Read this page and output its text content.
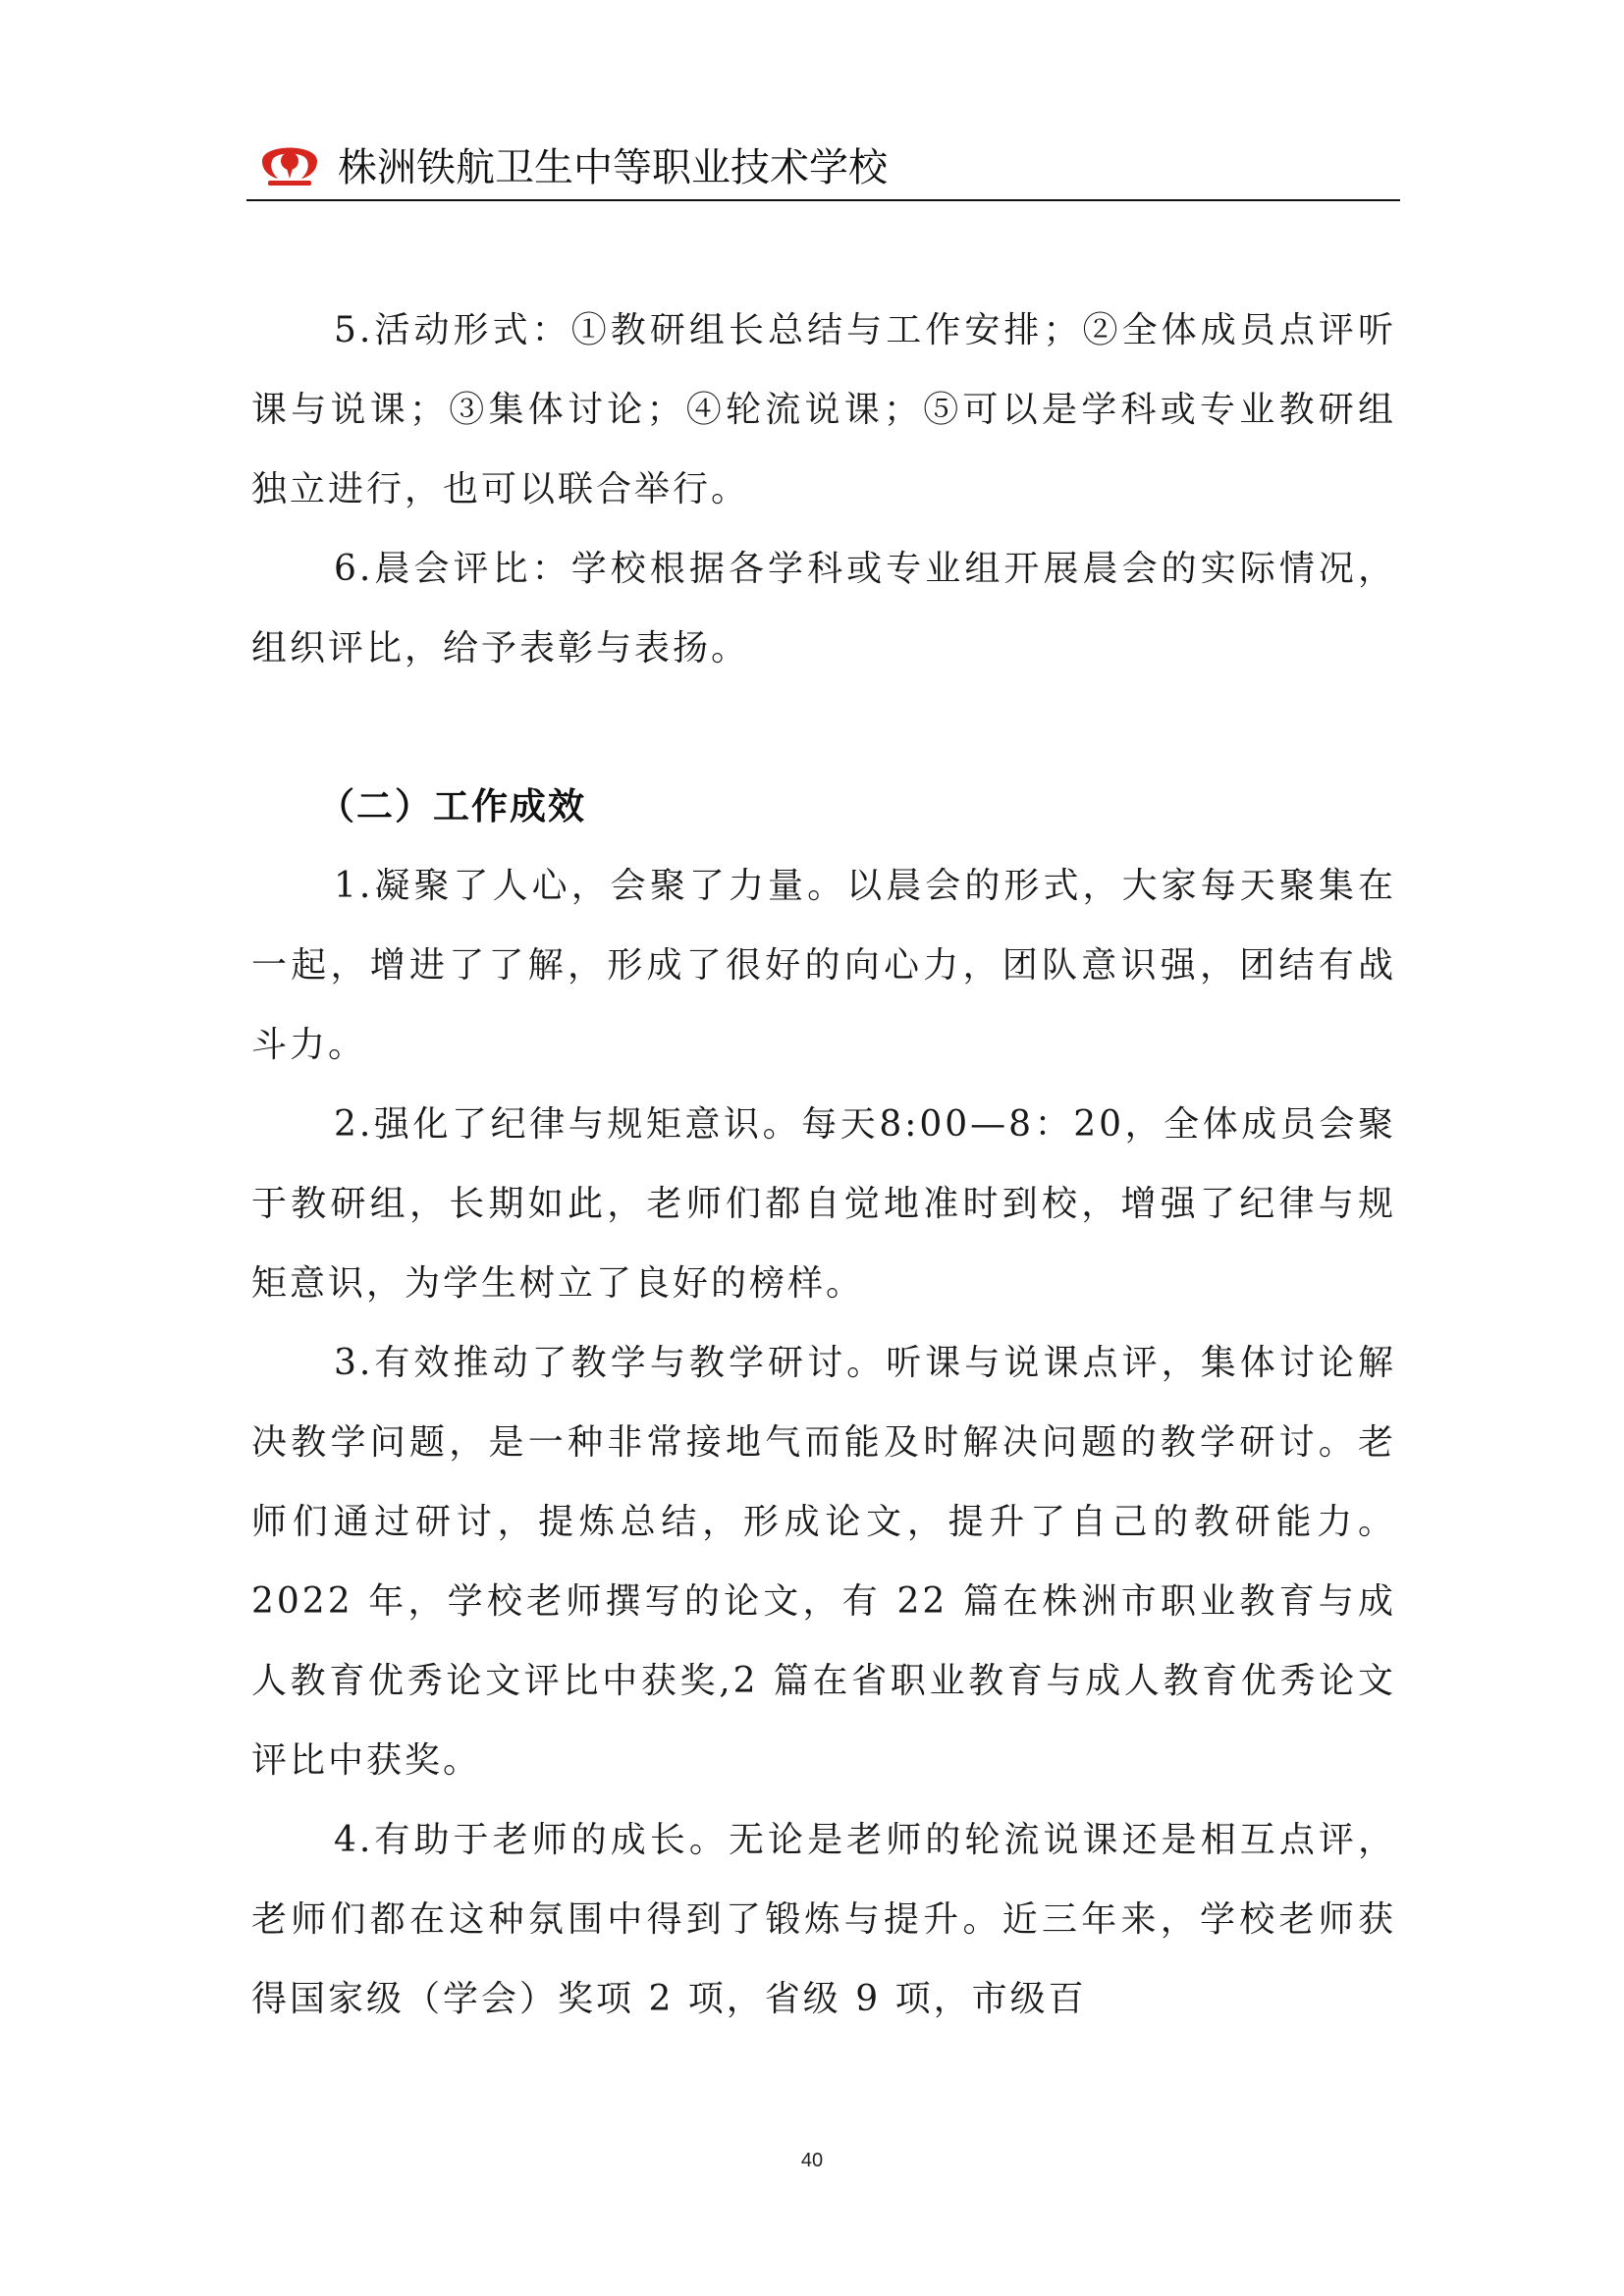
株洲铁航卫生中等职业技术学校

5.活动形式：①教研组长总结与工作安排；②全体成员点评听课与说课；③集体讨论；④轮流说课；⑤可以是学科或专业教研组独立进行，也可以联合举行。

6.晨会评比：学校根据各学科或专业组开展晨会的实际情况，组织评比，给予表彰与表扬。

（二）工作成效

1.凝聚了人心，会聚了力量。以晨会的形式，大家每天聚集在一起，增进了了解，形成了很好的向心力，团队意识强，团结有战斗力。

2.强化了纪律与规矩意识。每天8:00—8：20，全体成员会聚于教研组，长期如此，老师们都自觉地准时到校，增强了纪律与规矩意识，为学生树立了良好的榜样。

3.有效推动了教学与教学研讨。听课与说课点评，集体讨论解决教学问题，是一种非常接地气而能及时解决问题的教学研讨。老师们通过研讨，提炼总结，形成论文，提升了自己的教研能力。2022 年，学校老师撰写的论文，有 22 篇在株洲市职业教育与成人教育优秀论文评比中获奖,2 篇在省职业教育与成人教育优秀论文评比中获奖。

4.有助于老师的成长。无论是老师的轮流说课还是相互点评，老师们都在这种氛围中得到了锻炼与提升。近三年来，学校老师获得国家级（学会）奖项 2 项，省级 9 项，市级百

40
